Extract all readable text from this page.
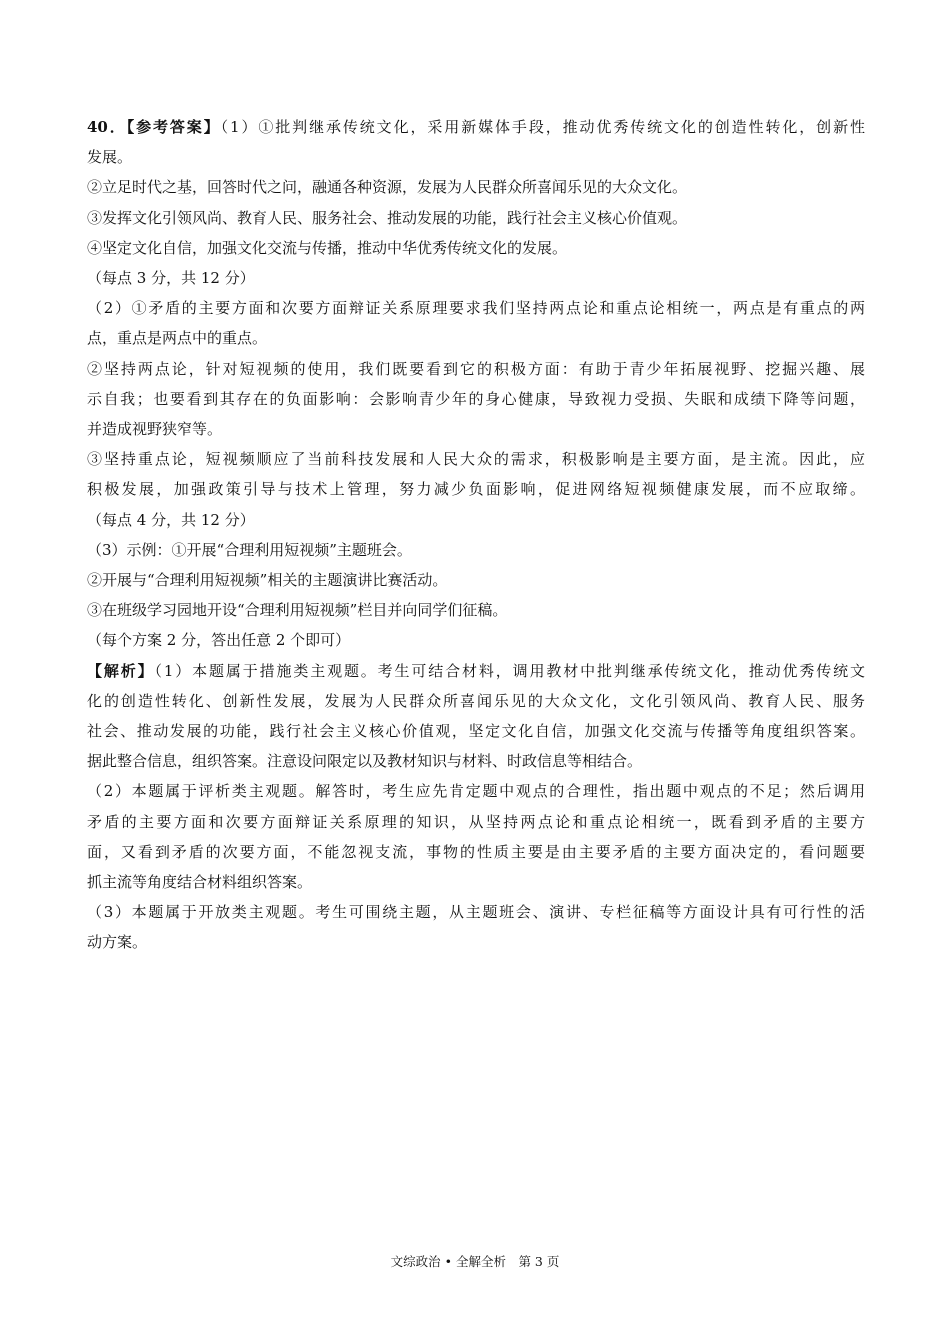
40．【参考答案】（1）①批判继承传统文化，采用新媒体手段，推动优秀传统文化的创造性转化，创新性
发展。
②立足时代之基，回答时代之问，融通各种资源，发展为人民群众所喜闻乐见的大众文化。
③发挥文化引领风尚、教育人民、服务社会、推动发展的功能，践行社会主义核心价值观。
④坚定文化自信，加强文化交流与传播，推动中华优秀传统文化的发展。
（每点 3 分，共 12 分）
（2）①矛盾的主要方面和次要方面辩证关系原理要求我们坚持两点论和重点论相统一，两点是有重点的两
点，重点是两点中的重点。
②坚持两点论，针对短视频的使用，我们既要看到它的积极方面：有助于青少年拓展视野、挖掘兴趣、展
示自我；也要看到其存在的负面影响：会影响青少年的身心健康，导致视力受损、失眠和成绩下降等问题，
并造成视野狭窄等。
③坚持重点论，短视频顺应了当前科技发展和人民大众的需求，积极影响是主要方面，是主流。因此，应
积极发展，加强政策引导与技术上管理，努力减少负面影响，促进网络短视频健康发展，而不应取缔。
（每点 4 分，共 12 分）
（3）示例：①开展“合理利用短视频”主题班会。
②开展与“合理利用短视频”相关的主题演讲比赛活动。
③在班级学习园地开设“合理利用短视频”栏目并向同学们征稿。
（每个方案 2 分，答出任意 2 个即可）
【解析】（1）本题属于措施类主观题。考生可结合材料，调用教材中批判继承传统文化，推动优秀传统文
化的创造性转化、创新性发展，发展为人民群众所喜闻乐见的大众文化，文化引领风尚、教育人民、服务
社会、推动发展的功能，践行社会主义核心价值观，坚定文化自信，加强文化交流与传播等角度组织答案。
据此整合信息，组织答案。注意设问限定以及教材知识与材料、时政信息等相结合。
（2）本题属于评析类主观题。解答时，考生应先肯定题中观点的合理性，指出题中观点的不足；然后调用
矛盾的主要方面和次要方面辩证关系原理的知识，从坚持两点论和重点论相统一，既看到矛盾的主要方
面，又看到矛盾的次要方面，不能忽视支流，事物的性质主要是由主要矛盾的主要方面决定的，看问题要
抓主流等角度结合材料组织答案。
（3）本题属于开放类主观题。考生可围绕主题，从主题班会、演讲、专栏征稿等方面设计具有可行性的活
动方案。
文综政治 • 全解全析　第 3 页
